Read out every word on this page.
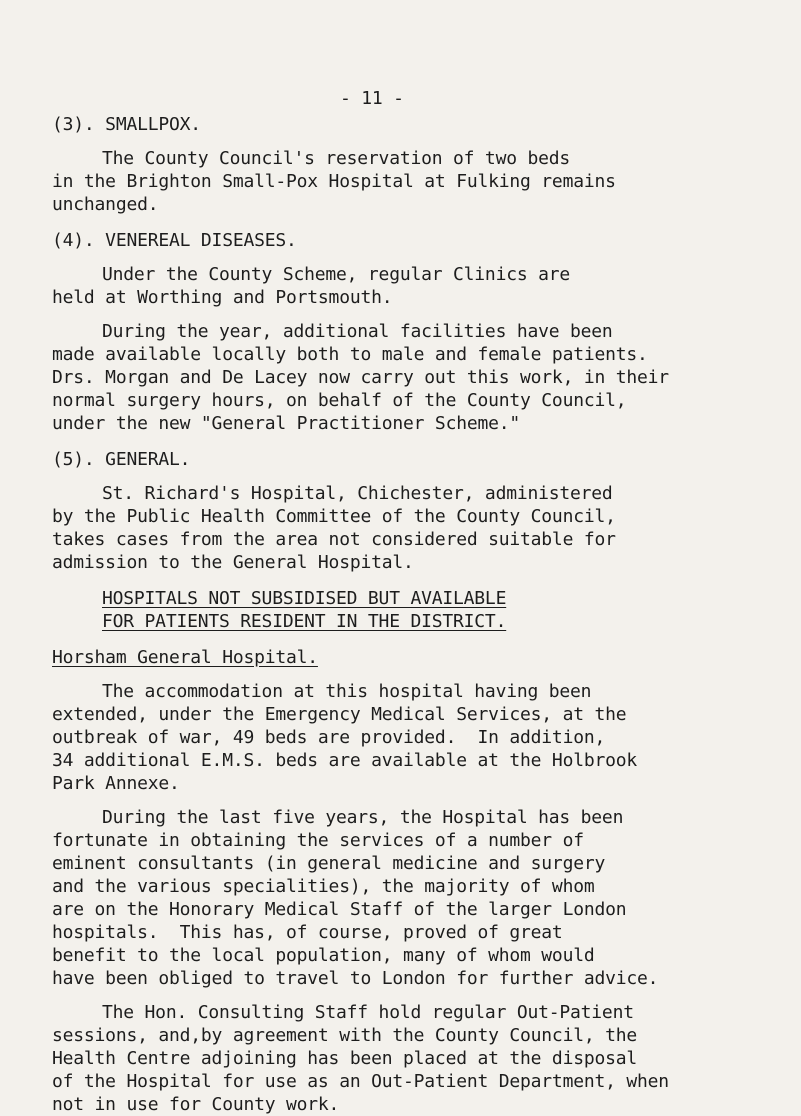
- 11 -
(3). SMALLPOX.
The County Council's reservation of two beds
in the Brighton Small-Pox Hospital at Fulking remains
unchanged.
(4). VENEREAL DISEASES.
Under the County Scheme, regular Clinics are
held at Worthing and Portsmouth.
During the year, additional facilities have been
made available locally both to male and female patients.
Drs. Morgan and De Lacey now carry out this work, in their
normal surgery hours, on behalf of the County Council,
under the new "General Practitioner Scheme."
(5). GENERAL.
St. Richard's Hospital, Chichester, administered
by the Public Health Committee of the County Council,
takes cases from the area not considered suitable for
admission to the General Hospital.
HOSPITALS NOT SUBSIDISED BUT AVAILABLE
FOR PATIENTS RESIDENT IN THE DISTRICT.
Horsham General Hospital.
The accommodation at this hospital having been
extended, under the Emergency Medical Services, at the
outbreak of war, 49 beds are provided.  In addition,
34 additional E.M.S. beds are available at the Holbrook
Park Annexe.
During the last five years, the Hospital has been
fortunate in obtaining the services of a number of
eminent consultants (in general medicine and surgery
and the various specialities), the majority of whom
are on the Honorary Medical Staff of the larger London
hospitals.  This has, of course, proved of great
benefit to the local population, many of whom would
have been obliged to travel to London for further advice.
The Hon. Consulting Staff hold regular Out-Patient
sessions, and,by agreement with the County Council, the
Health Centre adjoining has been placed at the disposal
of the Hospital for use as an Out-Patient Department, when
not in use for County work.
